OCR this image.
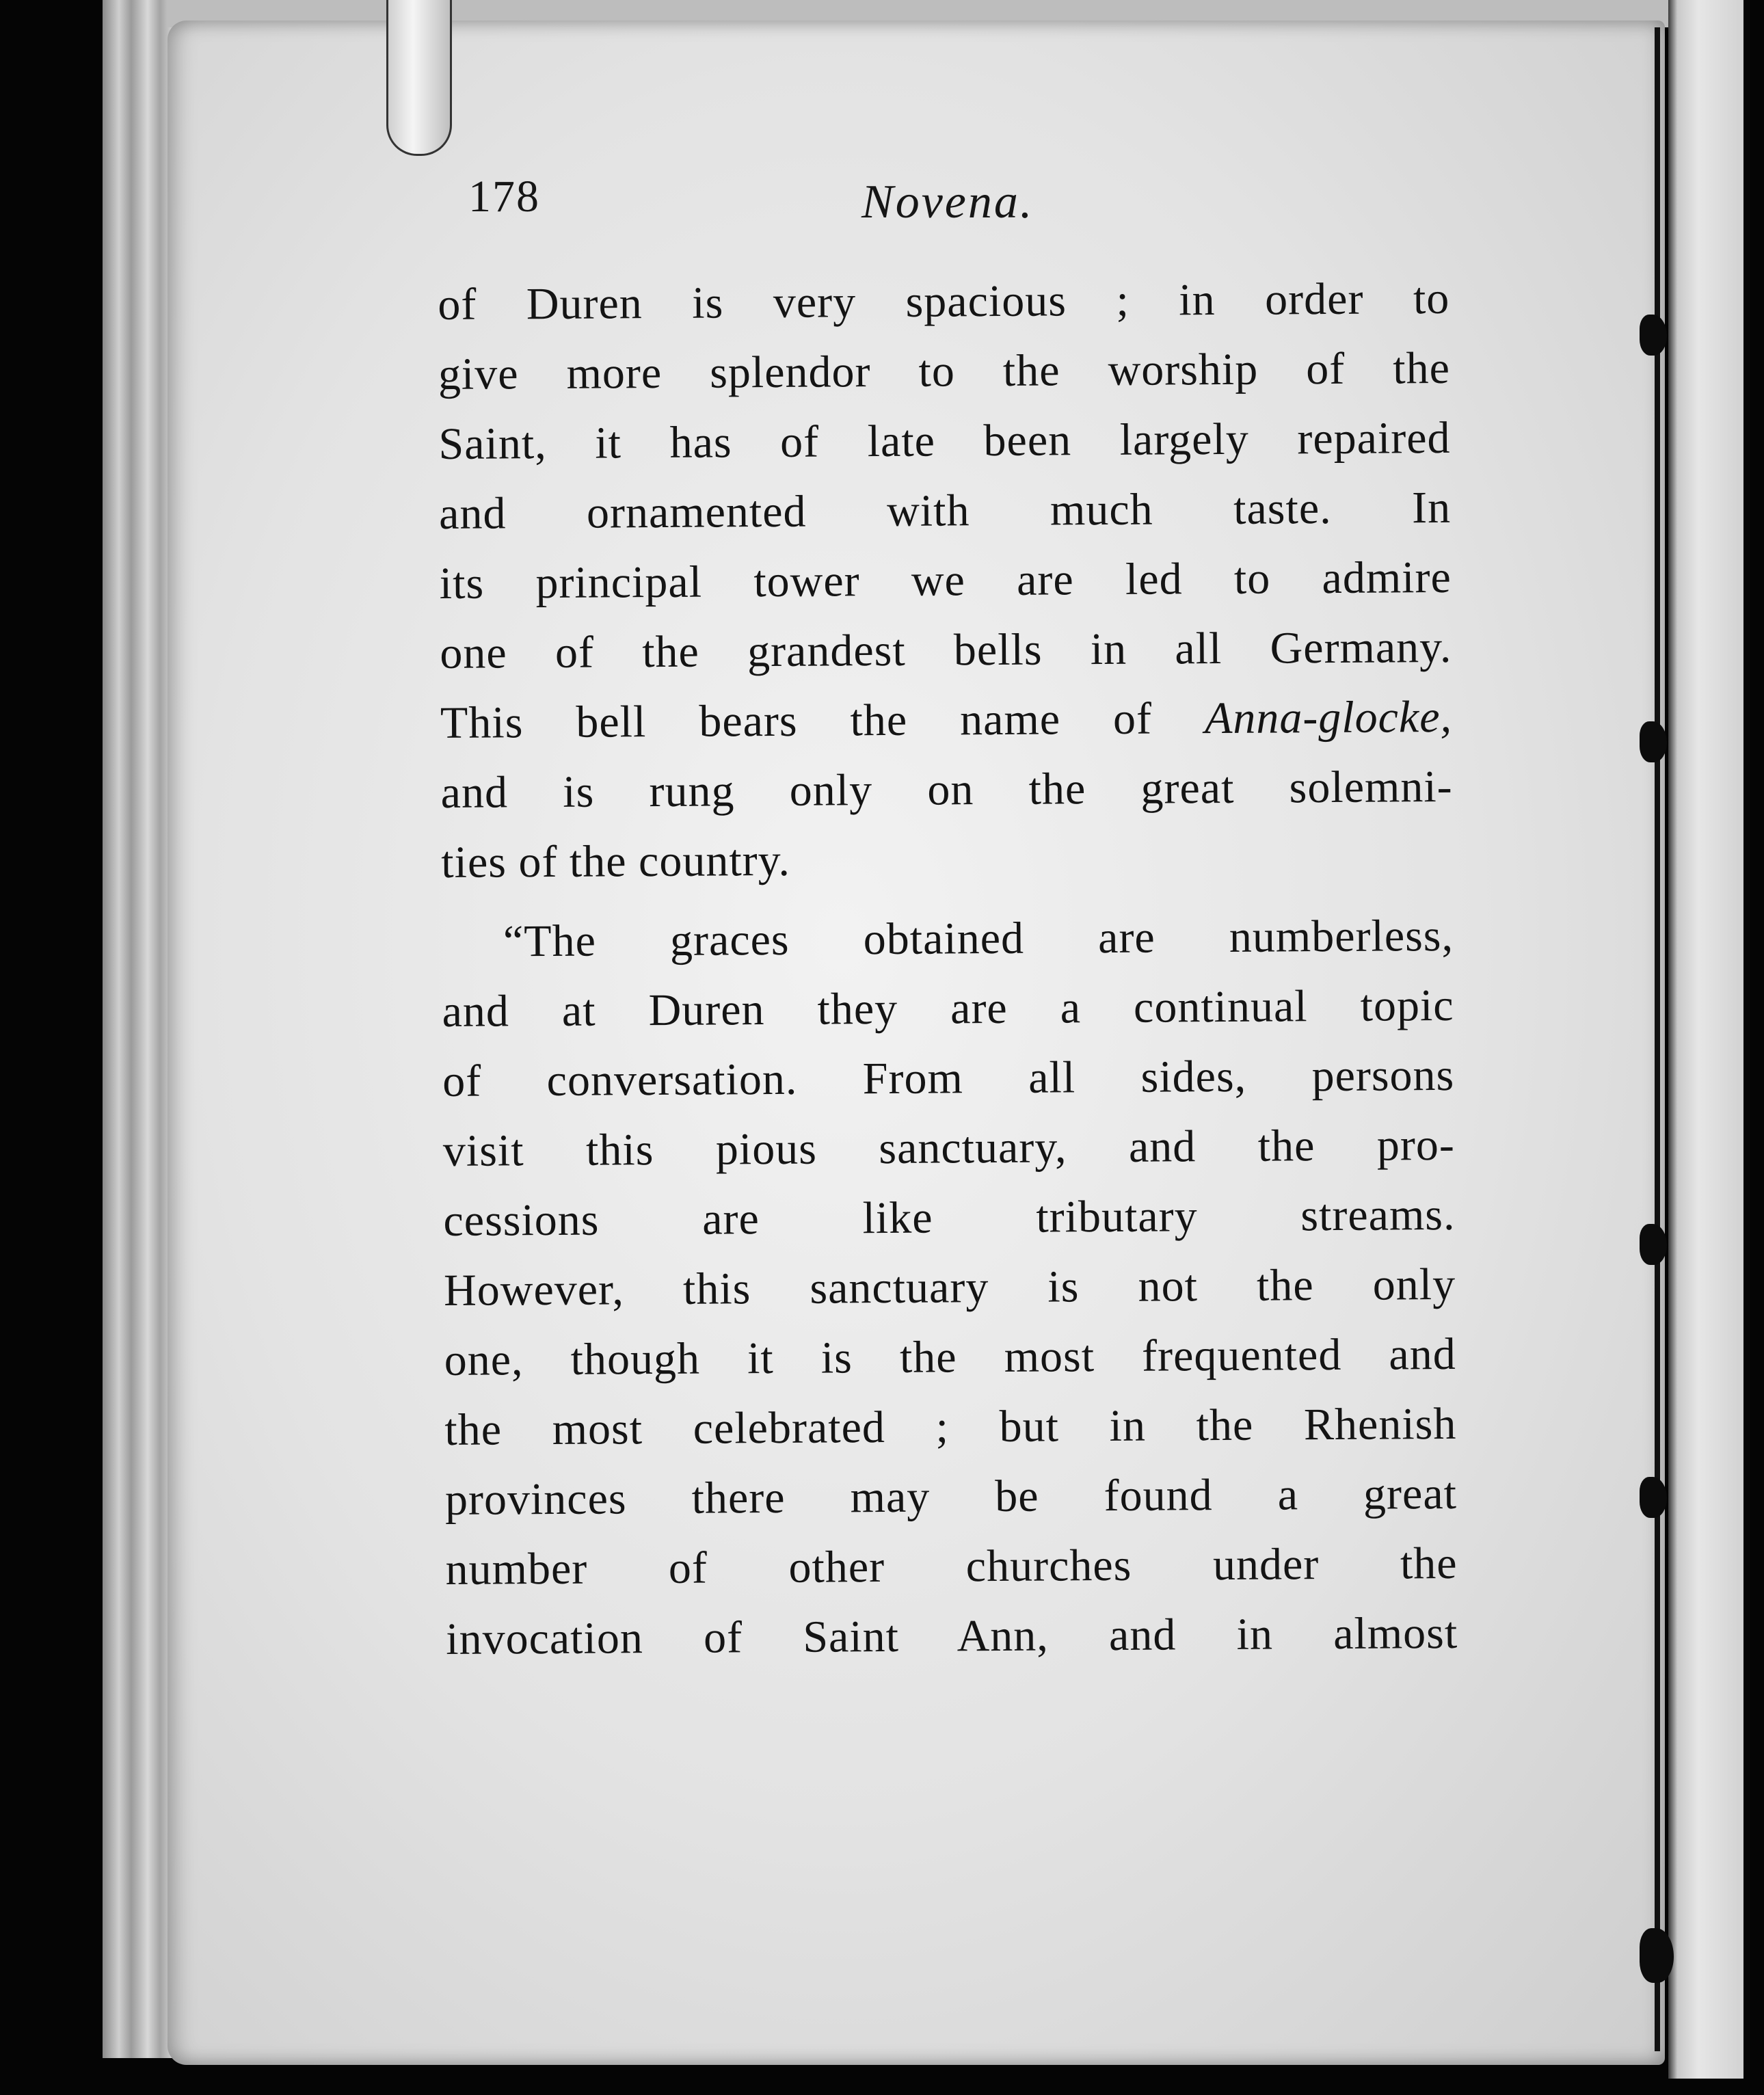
178	Novena.
of Duren is very spacious ; in order to
give more splendor to the worship of the
Saint, it has of late been largely repaired
and ornamented with much taste. In
its principal tower we are led to admire
one of the grandest bells in all Germany.
This bell bears the name of Anna-glocke,
and is rung only on the great solemni-
ties of the country.
“The graces obtained are numberless,
and at Duren they are a continual topic
of conversation. From all sides, persons
visit this pious sanctuary, and the pro-
cessions are like tributary streams.
However, this sanctuary is not the only
one, though it is the most frequented and
the most celebrated ; but in the Rhenish
provinces there may be found a great
number of other churches under the
invocation of Saint Ann, and in almost
